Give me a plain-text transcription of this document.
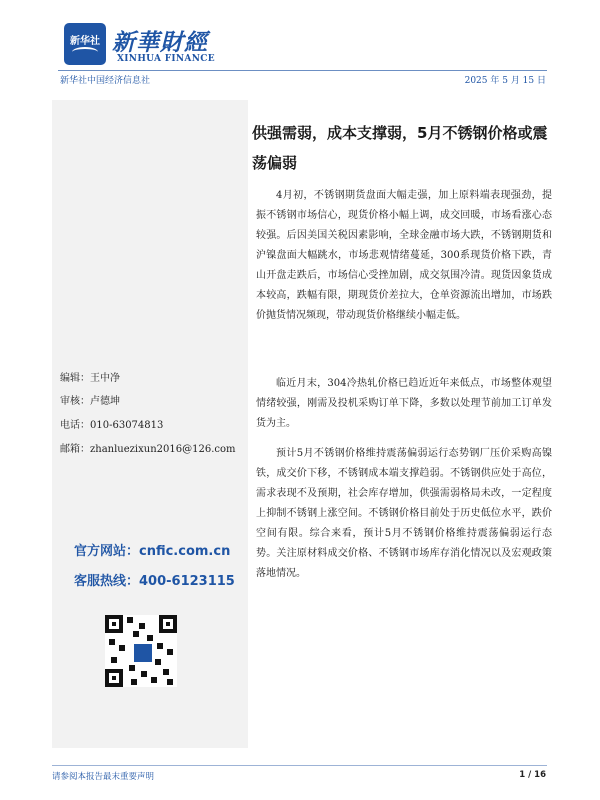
新华社 新華財經
XINHUA FINANCE
新华社中国经济信息社	2025 年 5 月 15 日
编辑：王中净
审核：卢德坤
电话：010-63074813
邮箱：zhanluezixun2016@126.com
官方网站：cnfic.com.cn
客服热线：400-6123115
供强需弱，成本支撑弱，5月不锈钢价格或震荡偏弱

4月初，不锈钢期货盘面大幅走强，加上原料端表现强劲，提振不锈钢市场信心，现货价格小幅上调，成交回暖，市场看涨心态较强。后因美国关税因素影响，全球金融市场大跌，不锈钢期货和沪镍盘面大幅跳水，市场悲观情绪蔓延，300系现货价格下跌，青山开盘走跌后，市场信心受挫加剧，成交氛围冷清。现货因象货成本较高，跌幅有限，期现货价差拉大，仓单资源流出增加，市场跌价抛货情况频现，带动现货价格继续小幅走低。

临近月末，304冷热轧价格已趋近近年来低点，市场整体观望情绪较强，刚需及投机采购订单下降，多数以处理节前加工订单发货为主。

预计5月不锈钢价格维持震荡偏弱运行态势钢厂压价采购高镍铁，成交价下移，不锈钢成本端支撑趋弱。不锈钢供应处于高位，需求表现不及预期，社会库存增加，供强需弱格局未改，一定程度上抑制不锈钢上涨空间。不锈钢价格目前处于历史低位水平，跌价空间有限。综合来看，预计5月不锈钢价格维持震荡偏弱运行态势。关注原材料成交价格、不锈钢市场库存消化情况以及宏观政策落地情况。

请参阅本报告最末重要声明	1 / 16
